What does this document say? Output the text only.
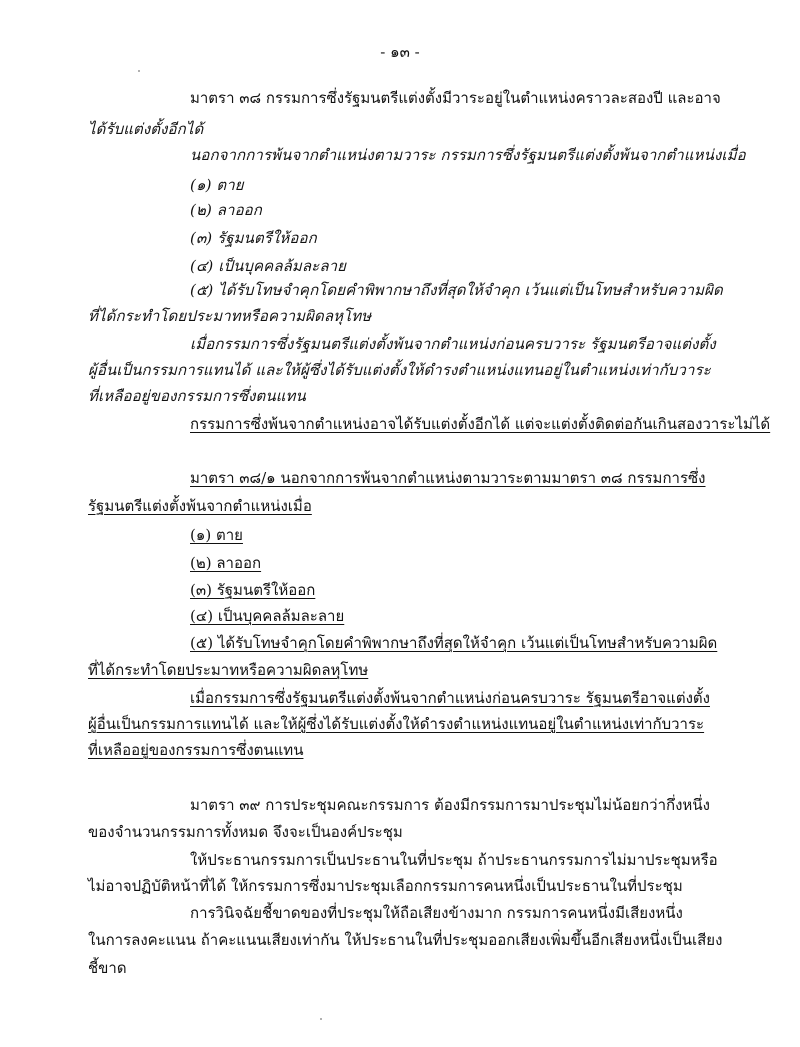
- ๑๓ -
มาตรา ๓๘ กรรมการซึ่งรัฐมนตรีแต่งตั้งมีวาระอยู่ในตำแหน่งคราวละสองปี และอาจ
ได้รับแต่งตั้งอีกได้
นอกจากการพ้นจากตำแหน่งตามวาระ กรรมการซึ่งรัฐมนตรีแต่งตั้งพ้นจากตำแหน่งเมื่อ
(๑) ตาย
(๒) ลาออก
(๓) รัฐมนตรีให้ออก
(๔) เป็นบุคคลล้มละลาย
(๕) ได้รับโทษจำคุกโดยคำพิพากษาถึงที่สุดให้จำคุก เว้นแต่เป็นโทษสำหรับความผิด
ที่ได้กระทำโดยประมาทหรือความผิดลหุโทษ
เมื่อกรรมการซึ่งรัฐมนตรีแต่งตั้งพ้นจากตำแหน่งก่อนครบวาระ รัฐมนตรีอาจแต่งตั้ง
ผู้อื่นเป็นกรรมการแทนได้ และให้ผู้ซึ่งได้รับแต่งตั้งให้ดำรงตำแหน่งแทนอยู่ในตำแหน่งเท่ากับวาระ
ที่เหลืออยู่ของกรรมการซึ่งตนแทน
กรรมการซึ่งพ้นจากตำแหน่งอาจได้รับแต่งตั้งอีกได้ แต่จะแต่งตั้งติดต่อกันเกินสองวาระไม่ได้
มาตรา ๓๘/๑ นอกจากการพ้นจากตำแหน่งตามวาระตามมาตรา ๓๘ กรรมการซึ่ง
รัฐมนตรีแต่งตั้งพ้นจากตำแหน่งเมื่อ
(๑) ตาย
(๒) ลาออก
(๓) รัฐมนตรีให้ออก
(๔) เป็นบุคคลล้มละลาย
(๕) ได้รับโทษจำคุกโดยคำพิพากษาถึงที่สุดให้จำคุก เว้นแต่เป็นโทษสำหรับความผิด
ที่ได้กระทำโดยประมาทหรือความผิดลหุโทษ
เมื่อกรรมการซึ่งรัฐมนตรีแต่งตั้งพ้นจากตำแหน่งก่อนครบวาระ รัฐมนตรีอาจแต่งตั้ง
ผู้อื่นเป็นกรรมการแทนได้ และให้ผู้ซึ่งได้รับแต่งตั้งให้ดำรงตำแหน่งแทนอยู่ในตำแหน่งเท่ากับวาระ
ที่เหลืออยู่ของกรรมการซึ่งตนแทน
มาตรา ๓๙ การประชุมคณะกรรมการ ต้องมีกรรมการมาประชุมไม่น้อยกว่ากึ่งหนึ่ง
ของจำนวนกรรมการทั้งหมด จึงจะเป็นองค์ประชุม
ให้ประธานกรรมการเป็นประธานในที่ประชุม ถ้าประธานกรรมการไม่มาประชุมหรือ
ไม่อาจปฏิบัติหน้าที่ได้ ให้กรรมการซึ่งมาประชุมเลือกกรรมการคนหนึ่งเป็นประธานในที่ประชุม
การวินิจฉัยชี้ขาดของที่ประชุมให้ถือเสียงข้างมาก กรรมการคนหนึ่งมีเสียงหนึ่ง
ในการลงคะแนน ถ้าคะแนนเสียงเท่ากัน ให้ประธานในที่ประชุมออกเสียงเพิ่มขึ้นอีกเสียงหนึ่งเป็นเสียง
ชี้ขาด
